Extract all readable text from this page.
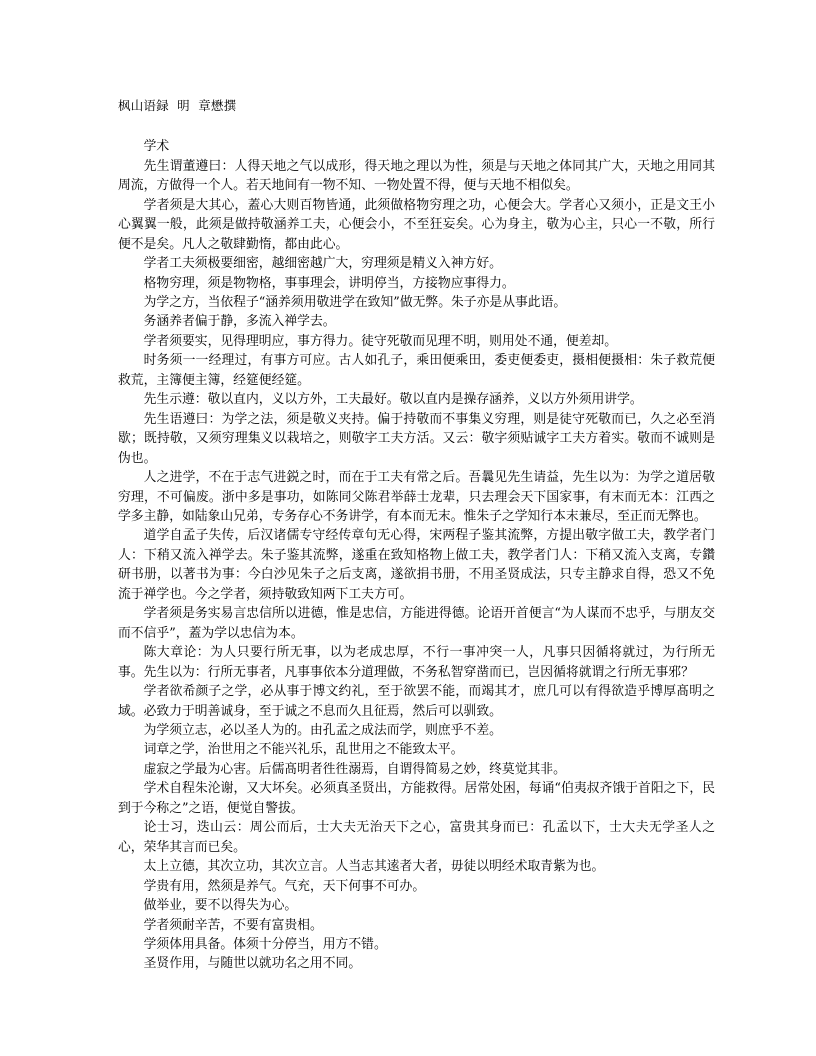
枫山语録  明  章懋撰

学术

先生谓董遵曰：人得天地之气以成形，得天地之理以为性，须是与天地之体同其广大，天地之用同其周流，方做得一个人。若天地间有一物不知、一物处置不得，便与天地不相似矣。

学者须是大其心，蓋心大则百物皆通，此须做格物穷理之功，心便会大。学者心又须小，正是文王小心翼翼一般，此须是做持敬涵养工夫，心便会小，不至狂妄矣。心为身主，敬为心主，只心一不敬，所行便不是矣。凡人之敬肆勤惰，都由此心。

学者工夫须极要细密，越细密越广大，穷理须是精义入神方好。

格物穷理，须是物物格，事事理会，讲明停当，方接物应事得力。

为学之方，当依程子“涵养须用敬进学在致知”做无弊。朱子亦是从事此语。

务涵养者偏于静，多流入禅学去。

学者须要实，见得理明应，事方得力。徒守死敬而见理不明，则用处不通，便差却。

时务须一一经理过，有事方可应。古人如孔子，乘田便乘田，委吏便委吏，摄相便摄相：朱子救荒便救荒，主簿便主簿，经筵便经筵。

先生示遵：敬以直内，义以方外，工夫最好。敬以直内是操存涵养，义以方外须用讲学。

先生语遵曰：为学之法，须是敬义夹持。偏于持敬而不事集义穷理，则是徒守死敬而已，久之必至消歇；既持敬，又须穷理集义以栽培之，则敬字工夫方活。又云：敬字须贴诚字工夫方着实。敬而不诚则是伪也。

人之进学，不在于志气进鋭之时，而在于工夫有常之后。吾曩见先生请益，先生以为：为学之道居敬穷理，不可偏废。浙中多是事功，如陈同父陈君举薛士龙辈，只去理会天下国家事，有末而无本：江西之学多主静，如陆象山兄弟，专务存心不务讲学，有本而无末。惟朱子之学知行本末兼尽，至正而无弊也。

道学自孟子失传，后汉诸儒专守经传章句无心得，宋两程子鉴其流弊，方提出敬字做工夫，教学者门人：下稍又流入禅学去。朱子鉴其流弊，遂重在致知格物上做工夫，教学者门人：下稍又流入支离，专鑽研书册，以著书为事：今白沙见朱子之后支离，遂欲捐书册，不用圣贤成法，只专主静求自得，恐又不免流于禅学也。今之学者，须持敬致知两下工夫方可。

学者须是务实易言忠信所以进德，惟是忠信，方能进得德。论语开首便言“为人谋而不忠乎，与朋友交而不信乎”，蓋为学以忠信为本。

陈大章论：为人只要行所无事，以为老成忠厚，不行一事冲突一人，凡事只因循将就过，为行所无事。先生以为：行所无事者，凡事事依本分道理做，不务私智穿凿而已，岂因循将就谓之行所无事邪？

学者欲希颜子之学，必从事于博文约礼，至于欲罢不能，而竭其才，庶几可以有得欲造乎博厚髙明之域。必致力于明善诚身，至于诚之不息而久且征焉，然后可以驯致。

为学须立志，必以圣人为的。由孔孟之成法而学，则庶乎不差。

词章之学，治世用之不能兴礼乐，乱世用之不能致太平。

虚寂之学最为心害。后儒髙明者徃徃溺焉，自谓得简易之妙，终莫觉其非。

学术自程朱沦谢，又大坏矣。必须真圣贤出，方能救得。居常处困，每诵“伯夷叔齐饿于首阳之下，民到于今称之”之语，便觉自警拔。

论士习，迭山云：周公而后，士大夫无治天下之心，富贵其身而已：孔孟以下，士大夫无学圣人之心，荣华其言而已矣。

太上立德，其次立功，其次立言。人当志其逺者大者，毋徒以明经术取青紫为也。

学贵有用，然须是养气。气充，天下何事不可办。

做举业，要不以得失为心。

学者须耐辛苦，不要有富贵相。

学须体用具备。体须十分停当，用方不错。

圣贤作用，与随世以就功名之用不同。
